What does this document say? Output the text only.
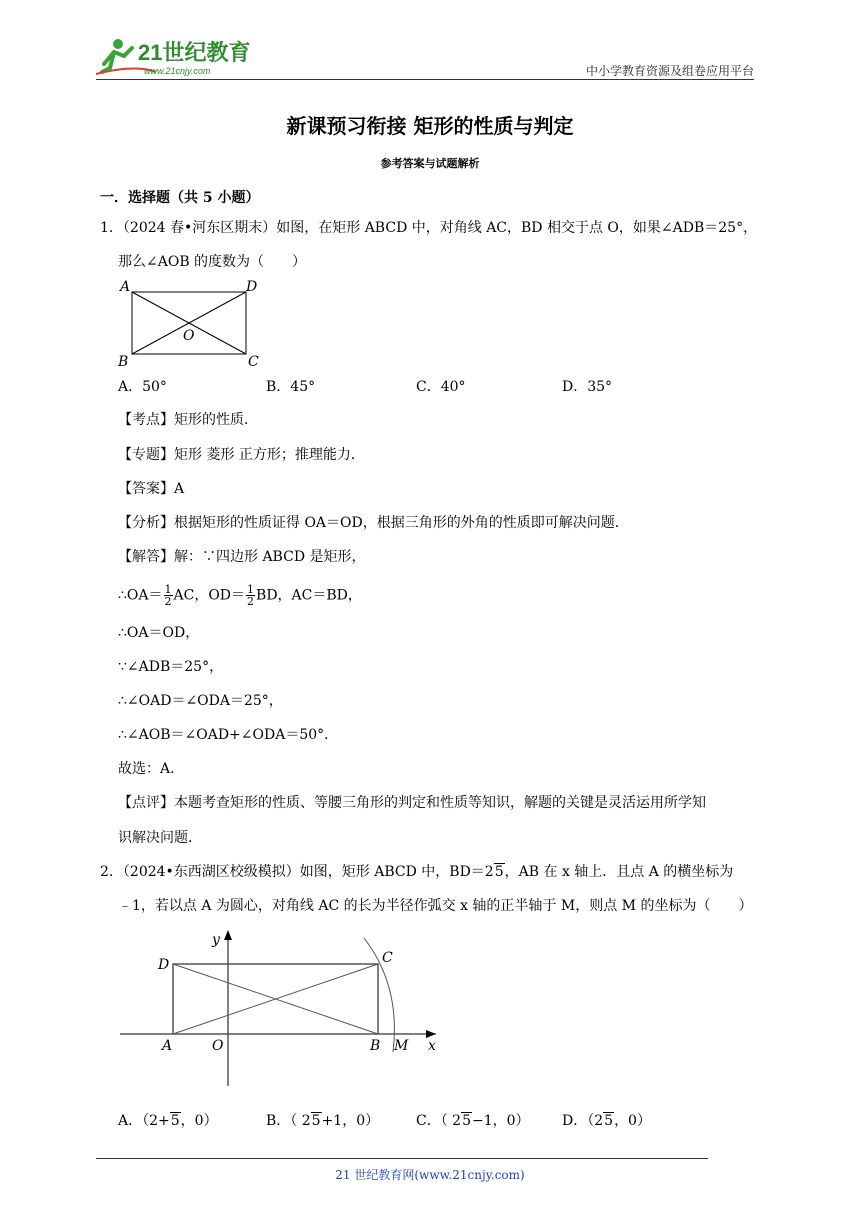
21世纪教育
www.21cnjy.com	中小学教育资源及组卷应用平台
新课预习衔接 矩形的性质与判定
参考答案与试题解析
一．选择题（共 5 小题）
1．（2024 春•河东区期末）如图，在矩形 ABCD 中，对角线 AC，BD 相交于点 O，如果∠ADB＝25°，
那么∠AOB 的度数为（　　）
A	D
B	C
O
A．50°	B．45°	C．40°	D．35°
【考点】矩形的性质．
【专题】矩形 菱形 正方形；推理能力．
【答案】A
【分析】根据矩形的性质证得 OA＝OD，根据三角形的外角的性质即可解决问题．
【解答】解：∵四边形 ABCD 是矩形，
∴OA＝ $\frac{1}{2}$ AC，$OD= \frac{1}{2}$ BD，AC＝BD，
∴OA＝OD，
∵∠ADB＝25°，
∴∠OAD＝∠ODA＝25°，
∴∠AOB＝∠OAD+∠ODA＝50°．
故选：A．
【点评】本题考查矩形的性质、等腰三角形的判定和性质等知识，解题的关键是灵活运用所学知
识解决问题．
2．（2024•东西湖区校级模拟）如图，矩形 ABCD 中，BD＝25，AB 在 x 轴上．且点 A 的横坐标为
﹣1，若以点 A 为圆心，对角线 AC 的长为半径作弧交 x 轴的正半轴于 M，则点 M 的坐标为（　　）
y
D	C
A	O	B M x
A．（2+5，0）	B．（ 25+1，0）	C．（ 25−1，0） D．（25，0）
21 世纪教育网(www.21cnjy.com)
